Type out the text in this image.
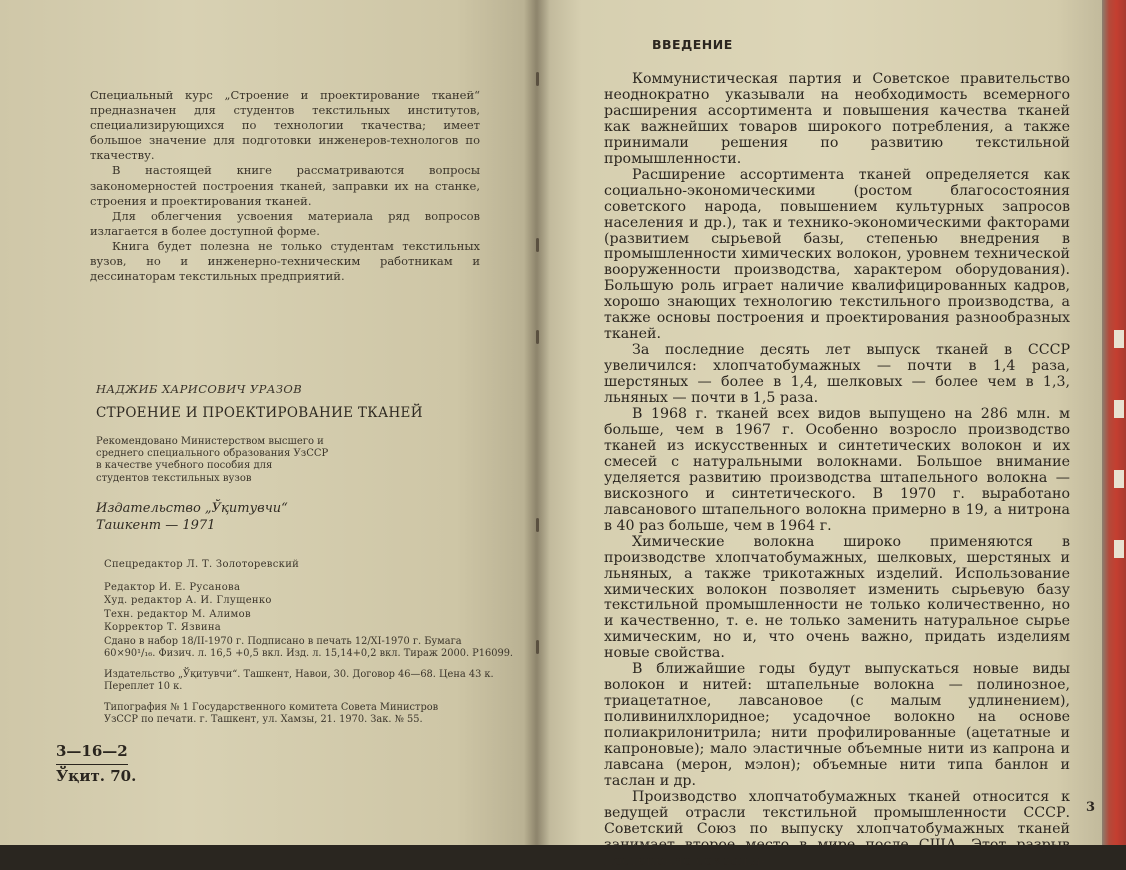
Специальный курс „Строение и проектирование тканей“ предназначен для студентов текстильных институтов, специализирующихся по технологии ткачества; имеет большое значение для подготовки инженеров-технологов по ткачеству.

В настоящей книге рассматриваются вопросы закономерностей построения тканей, заправки их на станке, строения и проектирования тканей.

Для облегчения усвоения материала ряд вопросов излагается в более доступной форме.

Книга будет полезна не только студентам текстильных вузов, но и инженерно-техническим работникам и дессинаторам текстильных предприятий.

НАДЖИБ ХАРИСОВИЧ УРАЗОВ
СТРОЕНИЕ И ПРОЕКТИРОВАНИЕ ТКАНЕЙ
Рекомендовано Министерством высшего и
среднего специального образования УзССР
в качестве учебного пособия для
студентов текстильных вузов
Издательство „Ўқитувчи“
Ташкент — 1971
Спецредактор Л. Т. Золоторевский
Редактор И. Е. Русанова
Худ. редактор А. И. Глущенко
Техн. редактор М. Алимов
Корректор Т. Язвина
Сдано в набор 18/II-1970 г. Подписано в печать 12/XI-1970 г. Бумага
60×90¹/₁₆. Физич. л. 16,5 +0,5 вкл. Изд. л. 15,14+0,2 вкл. Тираж 2000. Р16099.
Издательство „Ўқитувчи“. Ташкент, Навои, 30. Договор 46—68. Цена 43 к.
Переплет 10 к.
Типография № 1 Государственного комитета Совета Министров
УзССР по печати. г. Ташкент, ул. Хамзы, 21. 1970. Зак. № 55.
3—16—2
Ўқит. 70.
ВВЕДЕНИЕ

Коммунистическая партия и Советское правительство неоднократно указывали на необходимость всемерного расширения ассортимента и повышения качества тканей как важнейших товаров широкого потребления, а также принимали решения по развитию текстильной промышленности.

Расширение ассортимента тканей определяется как социально-экономическими (ростом благосостояния советского народа, повышением культурных запросов населения и др.), так и технико-экономическими факторами (развитием сырьевой базы, степенью внедрения в промышленности химических волокон, уровнем технической вооруженности производства, характером оборудования). Большую роль играет наличие квалифицированных кадров, хорошо знающих технологию текстильного производства, а также основы построения и проектирования разнообразных тканей.

За последние десять лет выпуск тканей в СССР увеличился: хлопчатобумажных — почти в 1,4 раза, шерстяных — более в 1,4, шелковых — более чем в 1,3, льняных — почти в 1,5 раза.

В 1968 г. тканей всех видов выпущено на 286 млн. м больше, чем в 1967 г. Особенно возросло производство тканей из искусственных и синтетических волокон и их смесей с натуральными волокнами. Большое внимание уделяется развитию производства штапельного волокна — вискозного и синтетического. В 1970 г. выработано лавсанового штапельного волокна примерно в 19, а нитрона в 40 раз больше, чем в 1964 г.

Химические волокна широко применяются в производстве хлопчатобумажных, шелковых, шерстяных и льняных, а также трикотажных изделий. Использование химических волокон позволяет изменить сырьевую базу текстильной промышленности не только количественно, но и качественно, т. е. не только заменить натуральное сырье химическим, но и, что очень важно, придать изделиям новые свойства.

В ближайшие годы будут выпускаться новые виды волокон и нитей: штапельные волокна — полинозное, триацетатное, лавсановое (с малым удлинением), поливинилхлоридное; усадочное волокно на основе полиакрилонитрила; нити профилированные (ацетатные и капроновые); мало эластичные объемные нити из капрона и лавсана (мерон, мэлон); объемные нити типа банлон и таслан и др.

Производство хлопчатобумажных тканей относится к ведущей отрасли текстильной промышленности СССР. Советский Союз по выпуску хлопчатобумажных тканей занимает второе место в мире после США. Этот разрыв постепенно сокраща-

3
